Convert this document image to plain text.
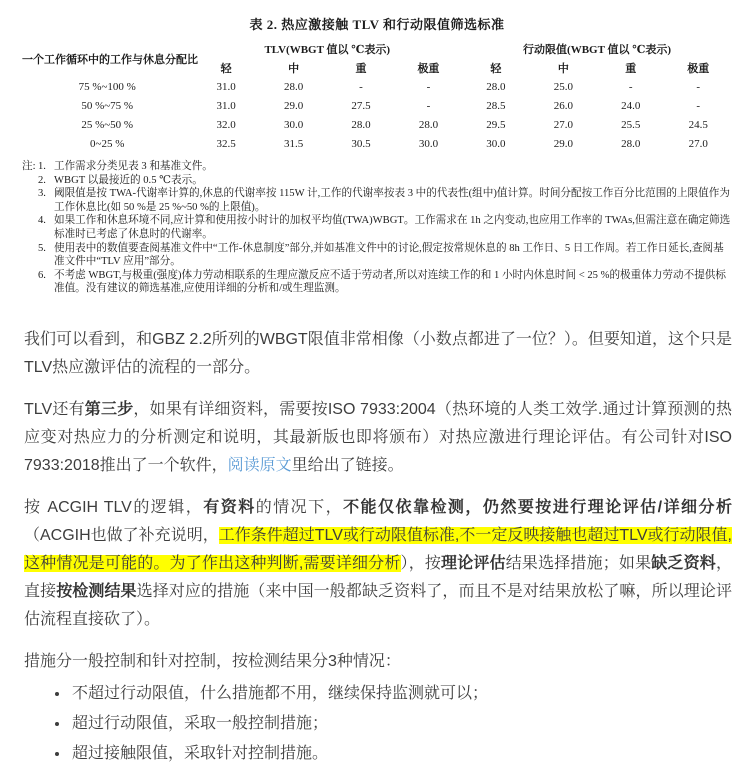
表 2. 热应激接触 TLV 和行动限值筛选标准
一个工作循环中的工作与休息分配比	TLV(WBGT 值以 ℃表示)				行动限值(WBGT 值以 ℃表示)			
	轻	中	重	极重	轻	中	重	极重
75 %~100 %	31.0	28.0	-	-	28.0	25.0	-	-
50 %~75 %	31.0	29.0	27.5	-	28.5	26.0	24.0	-
25 %~50 %	32.0	30.0	28.0	28.0	29.5	27.0	25.5	24.5
0~25 %	32.5	31.5	30.5	30.0	30.0	29.0	28.0	27.0
注: 1. 工作需求分类见表 3 和基准文件。
2. WBGT 以最接近的 0.5 ℃表示。
3. 阈限值是按 TWA-代谢率计算的,休息的代谢率按 115W 计,工作的代谢率按表 3 中的代表性(组中)值计算。时间分配按工作百分比范围的上限值作为工作休息比(如 50 %是 25 %~50 %的上限值)。
4. 如果工作和休息环境不同,应计算和使用按小时计的加权平均值(TWA)WBGT。工作需求在 1h 之内变动,也应用工作率的 TWAs,但需注意在确定筛选标准时已考虑了休息时的代谢率。
5. 使用表中的数值要查阅基准文件中“工作-休息制度”部分,并如基准文件中的讨论,假定按常规休息的 8h 工作日、5 日工作周。若工作日延长,查阅基准文件中“TLV 应用”部分。
6. 不考虑 WBGT,与极重(强度)体力劳动相联系的生理应激反应不适于劳动者,所以对连续工作的和 1 小时内休息时间 < 25 %的极重体力劳动不提供标准值。没有建议的筛选基准,应使用详细的分析和/或生理监测。

我们可以看到，和GBZ 2.2所列的WBGT限值非常相像（小数点都进了一位？）。但要知道，这个只是TLV热应激评估的流程的一部分。

TLV还有第三步，如果有详细资料，需要按ISO 7933:2004（热环境的人类工效学.通过计算预测的热应变对热应力的分析测定和说明，其最新版也即将颁布）对热应激进行理论评估。有公司针对ISO 7933:2018推出了一个软件，阅读原文里给出了链接。

按 ACGIH TLV的逻辑，有资料的情况下，不能仅依靠检测，仍然要按进行理论评估/详细分析（ACGIH也做了补充说明，工作条件超过TLV或行动限值标准,不一定反映接触也超过TLV或行动限值,这种情况是可能的。为了作出这种判断,需要详细分析），按理论评估结果选择措施；如果缺乏资料，直接按检测结果选择对应的措施（来中国一般都缺乏资料了，而且不是对结果放松了嘛，所以理论评估流程直接砍了）。

措施分一般控制和针对控制，按检测结果分3种情况：

• 不超过行动限值，什么措施都不用，继续保持监测就可以；
• 超过行动限值，采取一般控制措施；
• 超过接触限值，采取针对控制措施。
